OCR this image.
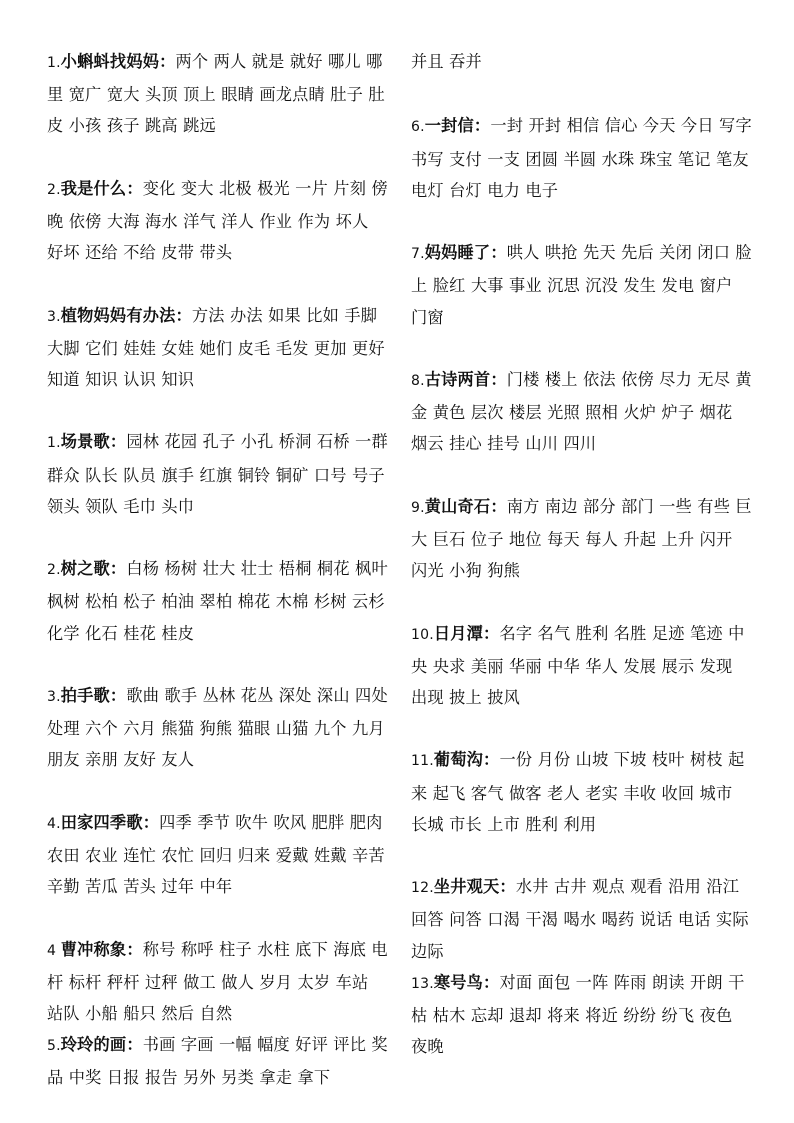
1.小蝌蚪找妈妈：两个 两人 就是 就好 哪儿 哪里 宽广 宽大 头顶 顶上 眼睛 画龙点睛 肚子 肚皮 小孩 孩子 跳高 跳远

2.我是什么：变化 变大 北极 极光 一片 片刻 傍晚 依傍 大海 海水 洋气 洋人 作业 作为 坏人 好坏 还给 不给 皮带 带头

3.植物妈妈有办法：方法 办法 如果 比如 手脚 大脚 它们 娃娃 女娃 她们 皮毛 毛发 更加 更好 知道 知识 认识 知识

1.场景歌：园林 花园 孔子 小孔 桥洞 石桥 一群 群众 队长 队员 旗手 红旗 铜铃 铜矿 口号 号子 领头 领队 毛巾 头巾

2.树之歌：白杨 杨树 壮大 壮士 梧桐 桐花 枫叶 枫树 松柏 松子 柏油 翠柏 棉花 木棉 杉树 云杉 化学 化石 桂花 桂皮

3.拍手歌：歌曲 歌手 丛林 花丛 深处 深山 四处 处理 六个 六月 熊猫 狗熊 猫眼 山猫 九个 九月 朋友 亲朋 友好 友人

4.田家四季歌：四季 季节 吹牛 吹风 肥胖 肥肉 农田 农业 连忙 农忙 回归 归来 爱戴 姓戴 辛苦 辛勤 苦瓜 苦头 过年 中年

4 曹冲称象：称号 称呼 柱子 水柱 底下 海底 电杆 标杆 秤杆 过秤 做工 做人 岁月 太岁 车站 站队 小船 船只 然后 自然

5.玲玲的画：书画 字画 一幅 幅度 好评 评比 奖品 中奖 日报 报告 另外 另类 拿走 拿下

并且 吞并

6.一封信：一封 开封 相信 信心 今天 今日 写字 书写 支付 一支 团圆 半圆 水珠 珠宝 笔记 笔友 电灯 台灯 电力 电子

7.妈妈睡了：哄人 哄抢 先天 先后 关闭 闭口 脸上 脸红 大事 事业 沉思 沉没 发生 发电 窗户 门窗

8.古诗两首：门楼 楼上 依法 依傍 尽力 无尽 黄金 黄色 层次 楼层 光照 照相 火炉 炉子 烟花 烟云 挂心 挂号 山川 四川

9.黄山奇石：南方 南边 部分 部门 一些 有些 巨大 巨石 位子 地位 每天 每人 升起 上升 闪开 闪光 小狗 狗熊

10.日月潭：名字 名气 胜利 名胜 足迹 笔迹 中央 央求 美丽 华丽 中华 华人 发展 展示 发现 出现 披上 披风

11.葡萄沟：一份 月份 山坡 下坡 枝叶 树枝 起来 起飞 客气 做客 老人 老实 丰收 收回 城市 长城 市长 上市 胜利 利用

12.坐井观天：水井 古井 观点 观看 沿用 沿江 回答 问答 口渴 干渴 喝水 喝药 说话 电话 实际 边际

13.寒号鸟：对面 面包 一阵 阵雨 朗读 开朗 干枯 枯木 忘却 退却 将来 将近 纷纷 纷飞 夜色 夜晚
